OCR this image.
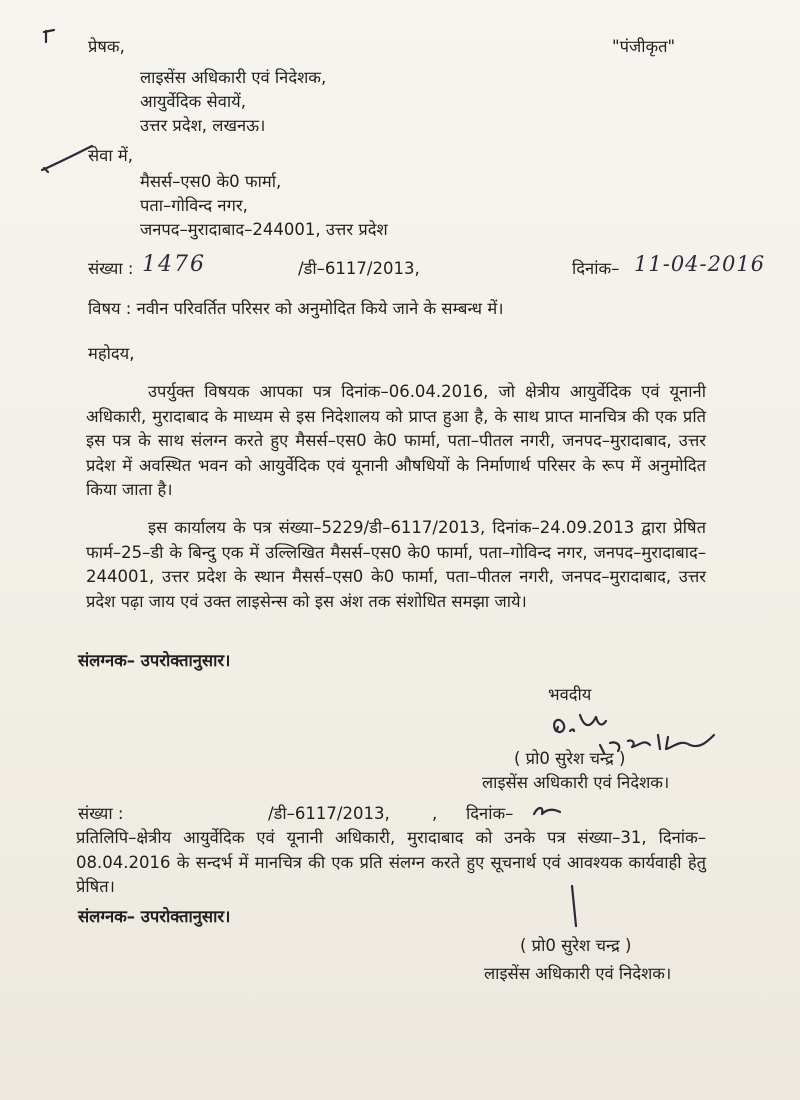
प्रेषक,	"पंजीकृत"
लाइसेंस अधिकारी एवं निदेशक,
आयुर्वेदिक सेवायें,
उत्तर प्रदेश, लखनऊ।
सेवा में,
मैसर्स–एस0 के0 फार्मा,
पता–गोविन्द नगर,
जनपद–मुरादाबाद–244001, उत्तर प्रदेश
संख्या : 1476	/डी–6117/2013,	दिनांक– 11-04-2016
विषय : नवीन परिवर्तित परिसर को अनुमोदित किये जाने के सम्बन्ध में।
महोदय,
उपर्युक्त विषयक आपका पत्र दिनांक–06.04.2016, जो क्षेत्रीय आयुर्वेदिक एवं यूनानी अधिकारी, मुरादाबाद के माध्यम से इस निदेशालय को प्राप्त हुआ है, के साथ प्राप्त मानचित्र की एक प्रति इस पत्र के साथ संलग्न करते हुए मैसर्स–एस0 के0 फार्मा, पता–पीतल नगरी, जनपद–मुरादाबाद, उत्तर प्रदेश में अवस्थित भवन को आयुर्वेदिक एवं यूनानी औषधियों के निर्माणार्थ परिसर के रूप में अनुमोदित किया जाता है।
इस कार्यालय के पत्र संख्या–5229/डी–6117/2013, दिनांक–24.09.2013 द्वारा प्रेषित फार्म–25–डी के बिन्दु एक में उल्लिखित मैसर्स–एस0 के0 फार्मा, पता–गोविन्द नगर, जनपद–मुरादाबाद–244001, उत्तर प्रदेश के स्थान मैसर्स–एस0 के0 फार्मा, पता–पीतल नगरी, जनपद–मुरादाबाद, उत्तर प्रदेश पढ़ा जाय एवं उक्त लाइसेन्स को इस अंश तक संशोधित समझा जाये।
संलग्नक– उपरोक्तानुसार।
भवदीय
( प्रो0 सुरेश चन्द्र )
लाइसेंस अधिकारी एवं निदेशक।
संख्या :	/डी–6117/2013,	, दिनांक–
प्रतिलिपि–क्षेत्रीय आयुर्वेदिक एवं यूनानी अधिकारी, मुरादाबाद को उनके पत्र संख्या–31, दिनांक–08.04.2016 के सन्दर्भ में मानचित्र की एक प्रति संलग्न करते हुए सूचनार्थ एवं आवश्यक कार्यवाही हेतु प्रेषित।
संलग्नक– उपरोक्तानुसार।
( प्रो0 सुरेश चन्द्र )
लाइसेंस अधिकारी एवं निदेशक।
